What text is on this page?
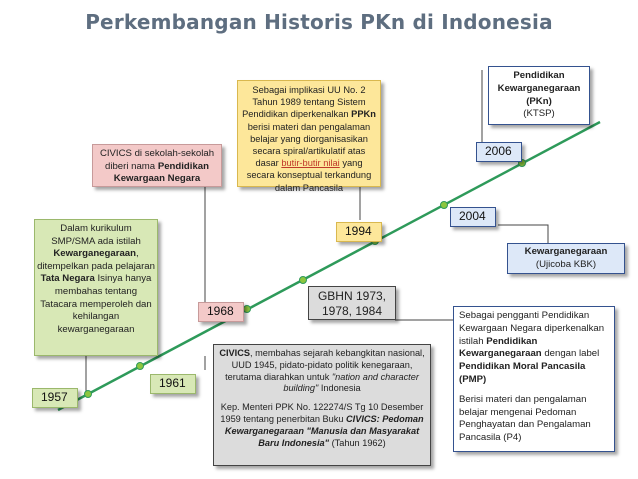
Perkembangan Historis PKn di Indonesia
1957
1961
1968
1994
2004
2006
GBHN 1973, 1978, 1984
Dalam kurikulum SMP/SMA ada istilah Kewarganegaraan, ditempelkan pada pelajaran Tata Negara Isinya hanya membahas tentang Tatacara memperoleh dan kehilangan kewarganegaraan
CIVICS di sekolah-sekolah diberi nama Pendidikan Kewargaan Negara
CIVICS, membahas sejarah kebangkitan nasional, UUD 1945, pidato-pidato politik kenegaraan, terutama diarahkan untuk "nation and character building" Indonesia
Kep. Menteri PPK No. 122274/S Tg 10 Desember 1959 tentang penerbitan Buku CIVICS: Pedoman Kewarganegaraan "Manusia dan Masyarakat Baru Indonesia" (Tahun 1962)
Sebagai implikasi UU No. 2 Tahun 1989 tentang Sistem Pendidikan diperkenalkan PPKn berisi materi dan pengalaman belajar yang diorganisasikan secara spiral/artikulatif atas dasar butir-butir nilai yang secara konseptual terkandung dalam Pancasila
Sebagai pengganti Pendidikan Kewargaan Negara diperkenalkan istilah Pendidikan Kewarganegaraan dengan label Pendidikan Moral Pancasila (PMP)
Berisi materi dan pengalaman belajar mengenai Pedoman Penghayatan dan Pengalaman Pancasila (P4)
Kewarganegaraan
(Ujicoba KBK)
Pendidikan Kewarganegaraan (PKn)
(KTSP)
